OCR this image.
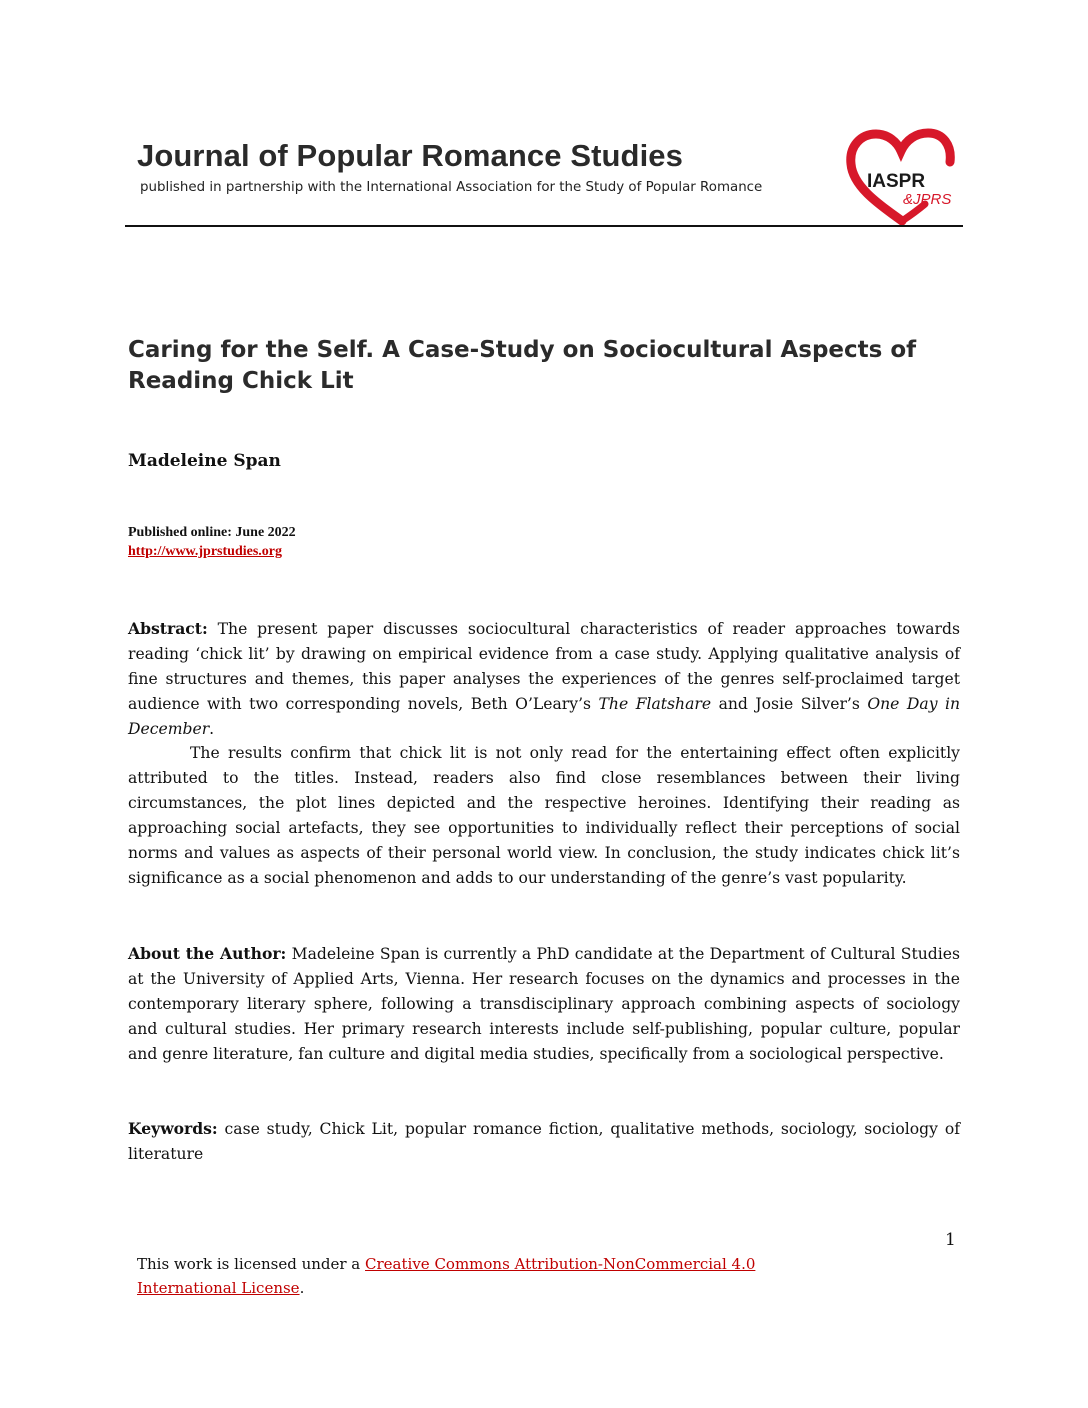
Journal of Popular Romance Studies
published in partnership with the International Association for the Study of Popular Romance	IASPR
&JPRS
Caring for the Self. A Case-Study on Sociocultural Aspects of Reading Chick Lit
Madeleine Span
Published online: June 2022
http://www.jprstudies.org
Abstract: The present paper discusses sociocultural characteristics of reader approaches towards reading ‘chick lit’ by drawing on empirical evidence from a case study. Applying qualitative analysis of fine structures and themes, this paper analyses the experiences of the genres self-proclaimed target audience with two corresponding novels, Beth O’Leary’s The Flatshare and Josie Silver’s One Day in December.
The results confirm that chick lit is not only read for the entertaining effect often explicitly attributed to the titles. Instead, readers also find close resemblances between their living circumstances, the plot lines depicted and the respective heroines. Identifying their reading as approaching social artefacts, they see opportunities to individually reflect their perceptions of social norms and values as aspects of their personal world view. In conclusion, the study indicates chick lit’s significance as a social phenomenon and adds to our understanding of the genre’s vast popularity.
About the Author: Madeleine Span is currently a PhD candidate at the Department of Cultural Studies at the University of Applied Arts, Vienna. Her research focuses on the dynamics and processes in the contemporary literary sphere, following a transdisciplinary approach combining aspects of sociology and cultural studies. Her primary research interests include self-publishing, popular culture, popular and genre literature, fan culture and digital media studies, specifically from a sociological perspective.
Keywords: case study, Chick Lit, popular romance fiction, qualitative methods, sociology, sociology of literature
1
This work is licensed under a Creative Commons Attribution-NonCommercial 4.0 International License.
